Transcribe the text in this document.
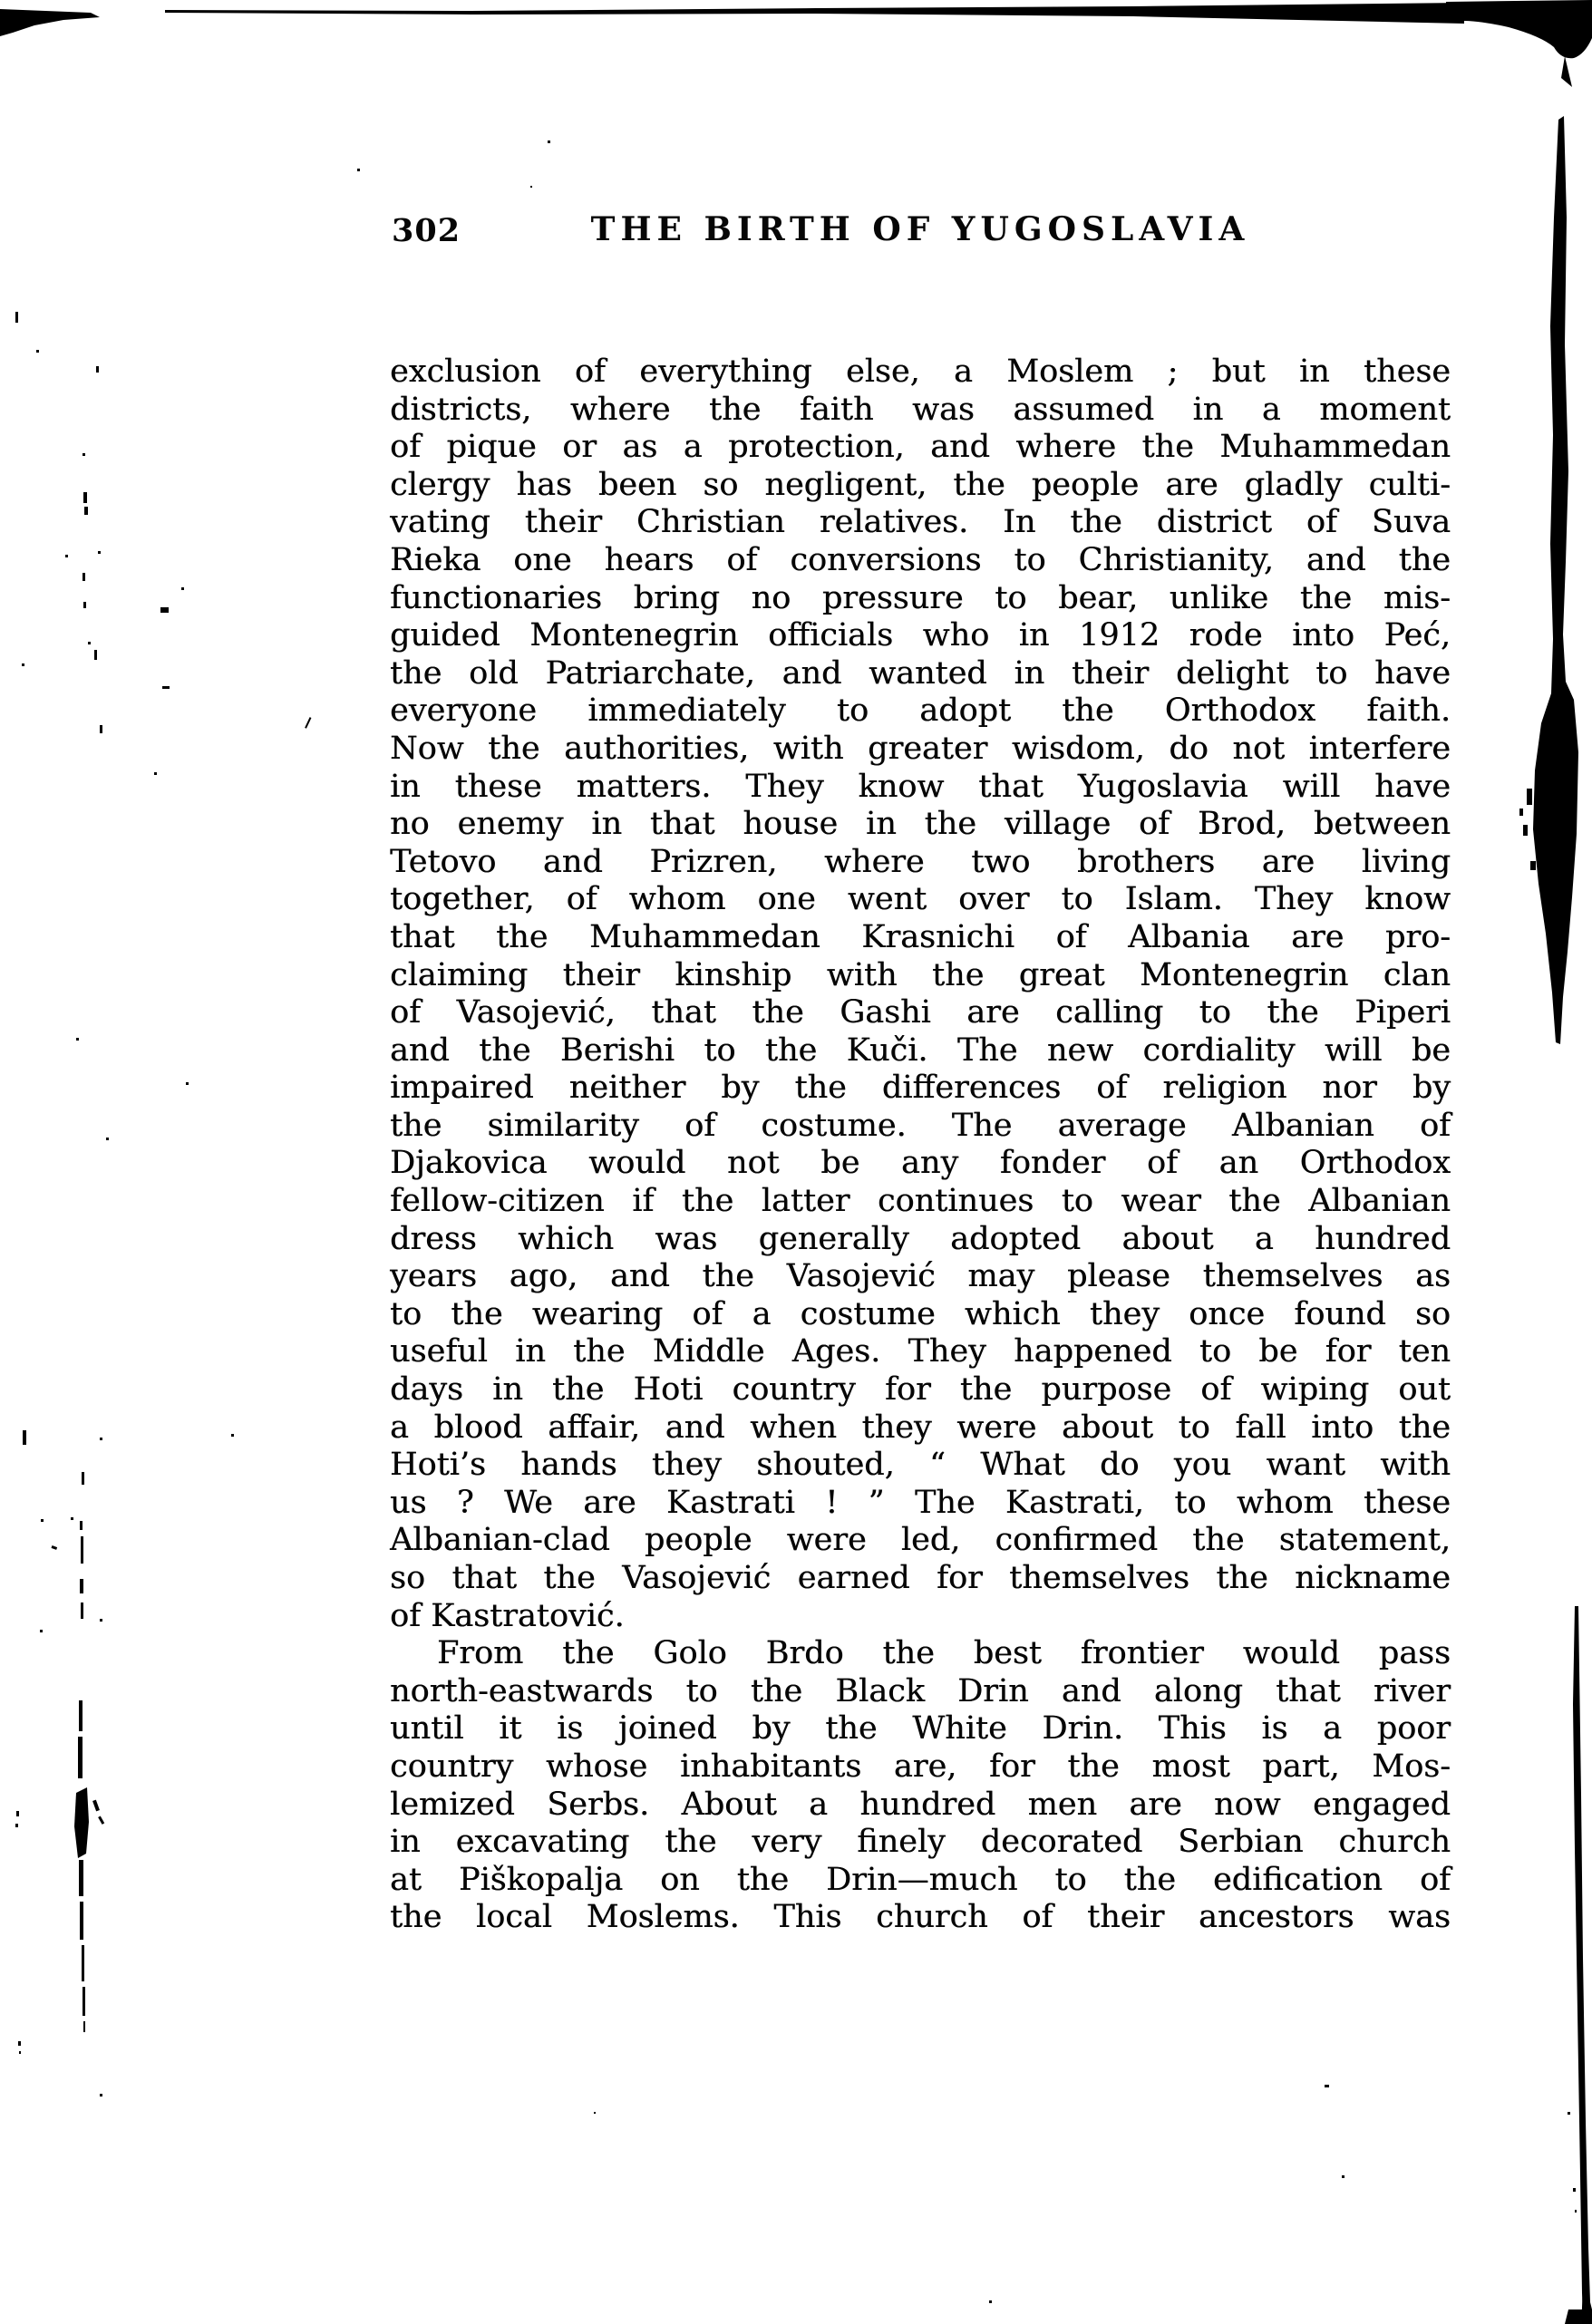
302	THE BIRTH OF YUGOSLAVIA
exclusion of everything else, a Moslem ; but in these
districts, where the faith was assumed in a moment
of pique or as a protection, and where the Muhammedan
clergy has been so negligent, the people are gladly culti-
vating their Christian relatives. In the district of Suva
Rieka one hears of conversions to Christianity, and the
functionaries bring no pressure to bear, unlike the mis-
guided Montenegrin officials who in 1912 rode into Peć,
the old Patriarchate, and wanted in their delight to have
everyone immediately to adopt the Orthodox faith.
Now the authorities, with greater wisdom, do not interfere
in these matters. They know that Yugoslavia will have
no enemy in that house in the village of Brod, between
Tetovo and Prizren, where two brothers are living
together, of whom one went over to Islam. They know
that the Muhammedan Krasnichi of Albania are pro-
claiming their kinship with the great Montenegrin clan
of Vasojević, that the Gashi are calling to the Piperi
and the Berishi to the Kuči. The new cordiality will be
impaired neither by the differences of religion nor by
the similarity of costume. The average Albanian of
Djakovica would not be any fonder of an Orthodox
fellow-citizen if the latter continues to wear the Albanian
dress which was generally adopted about a hundred
years ago, and the Vasojević may please themselves as
to the wearing of a costume which they once found so
useful in the Middle Ages. They happened to be for ten
days in the Hoti country for the purpose of wiping out
a blood affair, and when they were about to fall into the
Hoti’s hands they shouted, “ What do you want with
us ? We are Kastrati ! ” The Kastrati, to whom these
Albanian-clad people were led, confirmed the statement,
so that the Vasojević earned for themselves the nickname
of Kastratović.
From the Golo Brdo the best frontier would pass
north-eastwards to the Black Drin and along that river
until it is joined by the White Drin. This is a poor
country whose inhabitants are, for the most part, Mos-
lemized Serbs. About a hundred men are now engaged
in excavating the very finely decorated Serbian church
at Piškopalja on the Drin—much to the edification of
the local Moslems. This church of their ancestors was
